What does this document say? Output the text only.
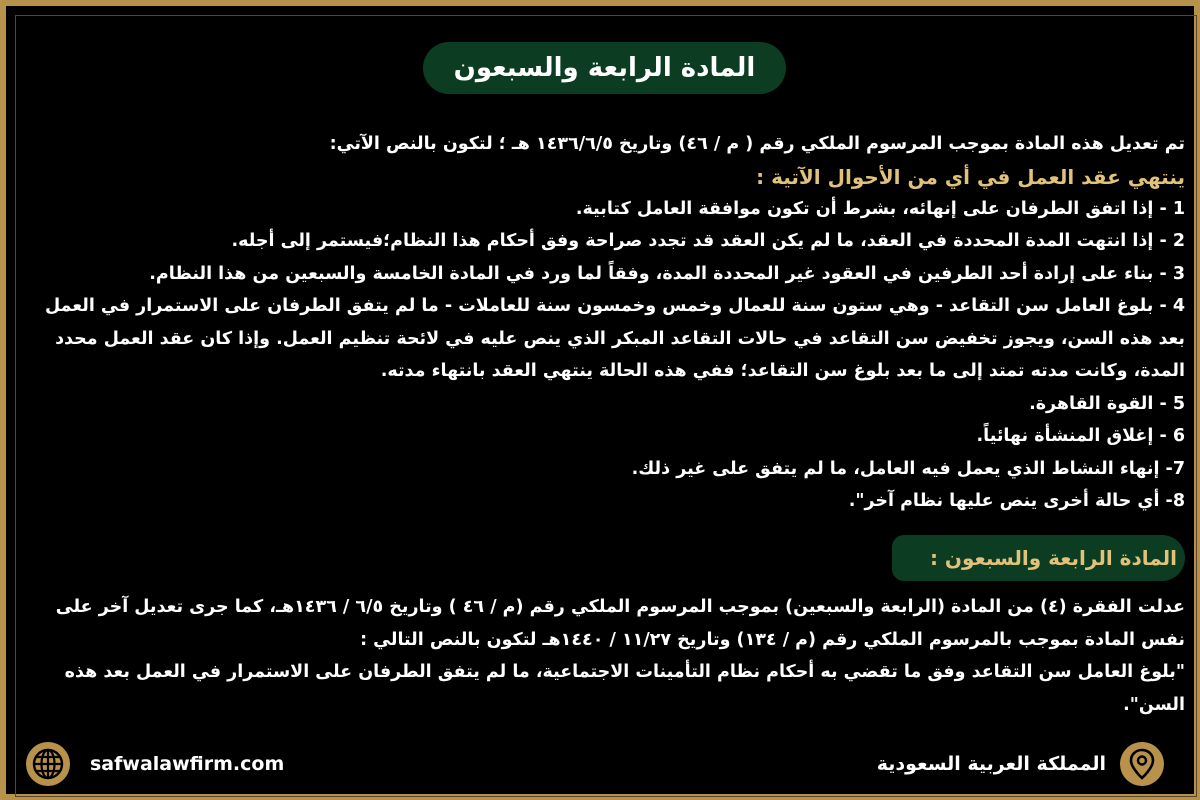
المادة الرابعة والسبعون

تم تعديل هذه المادة بموجب المرسوم الملكي رقم ( م / ٤٦) وتاريخ ١٤٣٦/٦/٥ هـ ؛ لتكون بالنص الآتي:

ينتهي عقد العمل في أي من الأحوال الآتية :

1 - إذا اتفق الطرفان على إنهائه، بشرط أن تكون موافقة العامل كتابية.

2 - إذا انتهت المدة المحددة في العقد، ما لم يكن العقد قد تجدد صراحة وفق أحكام هذا النظام؛فيستمر إلى أجله.

3 - بناء على إرادة أحد الطرفين في العقود غير المحددة المدة، وفقاً لما ورد في المادة الخامسة والسبعين من هذا النظام.

4 - بلوغ العامل سن التقاعد - وهي ستون سنة للعمال وخمس وخمسون سنة للعاملات - ما لم يتفق الطرفان على الاستمرار في العمل بعد هذه السن، ويجوز تخفيض سن التقاعد في حالات التقاعد المبكر الذي ينص عليه في لائحة تنظيم العمل. وإذا كان عقد العمل محدد المدة، وكانت مدته تمتد إلى ما بعد بلوغ سن التقاعد؛ ففي هذه الحالة ينتهي العقد بانتهاء مدته.

5 - القوة القاهرة.

6 - إغلاق المنشأة نهائياً.

7- إنهاء النشاط الذي يعمل فيه العامل، ما لم يتفق على غير ذلك.

8- أي حالة أخرى ينص عليها نظام آخر".

المادة الرابعة والسبعون :

عدلت الفقرة (٤) من المادة (الرابعة والسبعين) بموجب المرسوم الملكي رقم (م / ٤٦ ) وتاريخ ٦/٥ / ١٤٣٦هـ، كما جرى تعديل آخر على نفس المادة بموجب بالمرسوم الملكي رقم (م / ١٣٤) وتاريخ ١١/٢٧ / ١٤٤٠هـ لتكون بالنص التالي :

"بلوغ العامل سن التقاعد وفق ما تقضي به أحكام نظام التأمينات الاجتماعية، ما لم يتفق الطرفان على الاستمرار في العمل بعد هذه السن".

safwalawfirm.com	المملكة العربية السعودية
